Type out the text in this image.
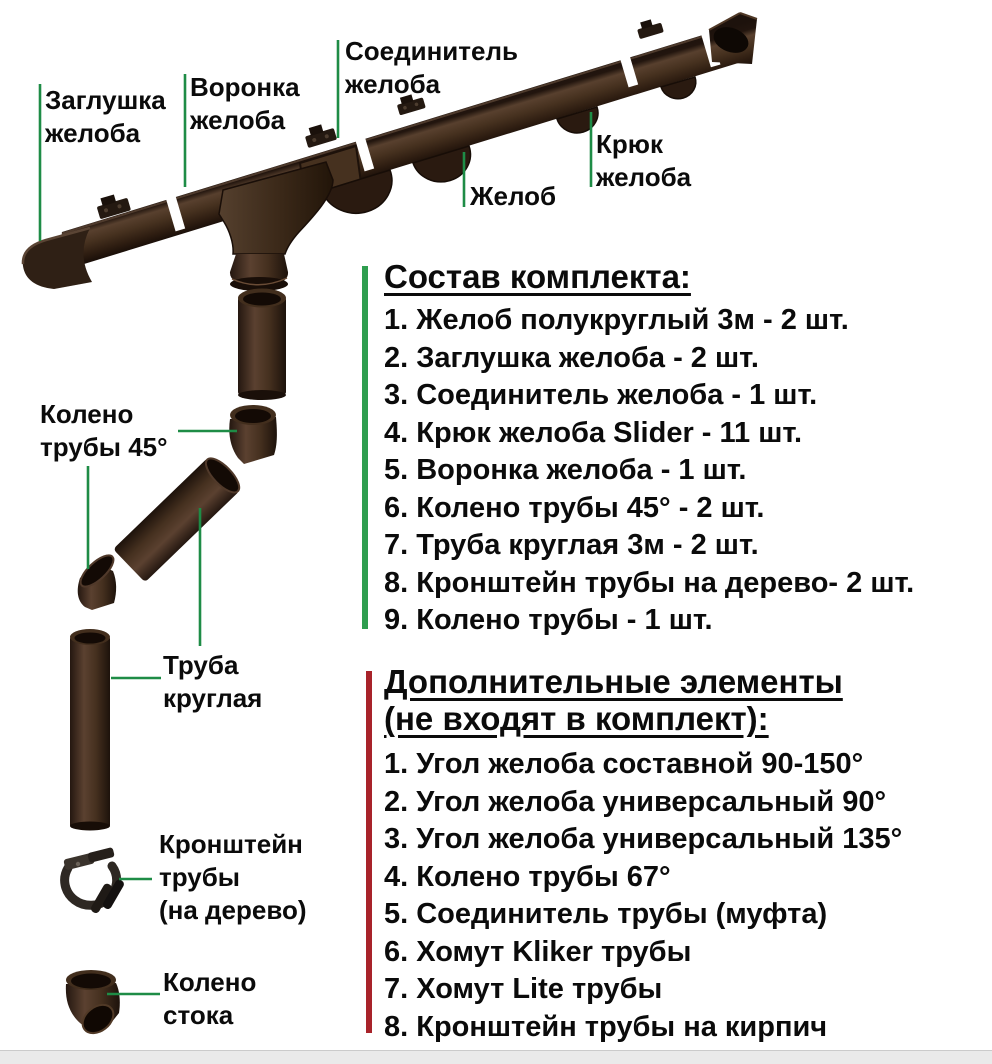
Заглушка
желоба
Воронка
желоба
Соединитель
желоба
Крюк
желоба
Желоб
Колено
трубы 45°
Труба
круглая
Кронштейн
трубы
(на дерево)
Колено
стока
Состав комплекта:
1. Желоб полукруглый 3м - 2 шт.
2. Заглушка желоба - 2 шт.
3. Соединитель желоба - 1 шт.
4. Крюк желоба Slider - 11 шт.
5. Воронка желоба - 1 шт.
6. Колено трубы 45° - 2 шт.
7. Труба круглая 3м - 2 шт.
8. Кронштейн трубы на дерево- 2 шт.
9. Колено трубы - 1 шт.
Дополнительные элементы
(не входят в комплект):
1. Угол желоба составной 90-150°
2. Угол желоба универсальный 90°
3. Угол желоба универсальный 135°
4. Колено трубы 67°
5. Соединитель трубы (муфта)
6. Хомут Kliker трубы
7. Хомут Lite трубы
8. Кронштейн трубы на кирпич
